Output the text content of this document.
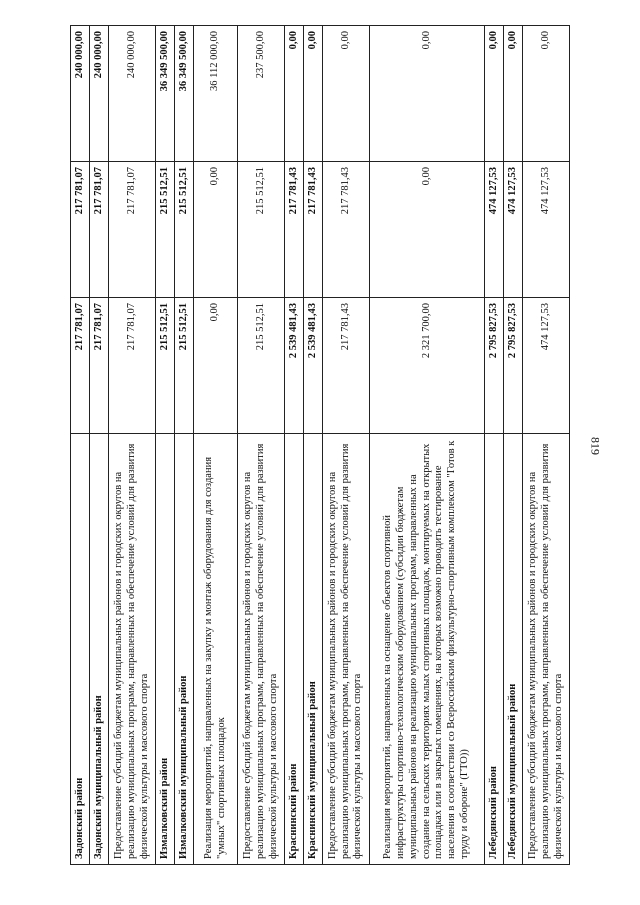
819
Задонский район	217 781,07	217 781,07	240 000,00
Задонский муниципальный район	217 781,07	217 781,07	240 000,00
Предоставление субсидий бюджетам муниципальных районов и городских округов на реализацию муниципальных программ, направленных на обеспечение условий для развития физической культуры и массового спорта	217 781,07	217 781,07	240 000,00
Измалковский район	215 512,51	215 512,51	36 349 500,00
Измалковский муниципальный район	215 512,51	215 512,51	36 349 500,00
Реализация мероприятий, направленных на закупку и монтаж оборудования для создания "умных" спортивных площадок	0,00	0,00	36 112 000,00
Предоставление субсидий бюджетам муниципальных районов и городских округов на реализацию муниципальных программ, направленных на обеспечение условий для развития физической культуры и массового спорта	215 512,51	215 512,51	237 500,00
Краснинский район	2 539 481,43	217 781,43	0,00
Краснинский муниципальный район	2 539 481,43	217 781,43	0,00
Предоставление субсидий бюджетам муниципальных районов и городских округов на реализацию муниципальных программ, направленных на обеспечение условий для развития физической культуры и массового спорта	217 781,43	217 781,43	0,00
Реализация мероприятий, направленных на оснащение объектов спортивной инфраструктуры спортивно-технологическим оборудованием (субсидии бюджетам муниципальных районов на реализацию муниципальных программ, направленных на создание на сельских территориях малых спортивных площадок, монтируемых на открытых площадках или в закрытых помещениях, на которых возможно проводить тестирование населения в соответствии со Всероссийским физкультурно-спортивным комплексом "Готов к труду и обороне" (ГТО))	2 321 700,00	0,00	0,00
Лебедянский район	2 795 827,53	474 127,53	0,00
Лебедянский муниципальный район	2 795 827,53	474 127,53	0,00
Предоставление субсидий бюджетам муниципальных районов и городских округов на реализацию муниципальных программ, направленных на обеспечение условий для развития физической культуры и массового спорта	474 127,53	474 127,53	0,00
